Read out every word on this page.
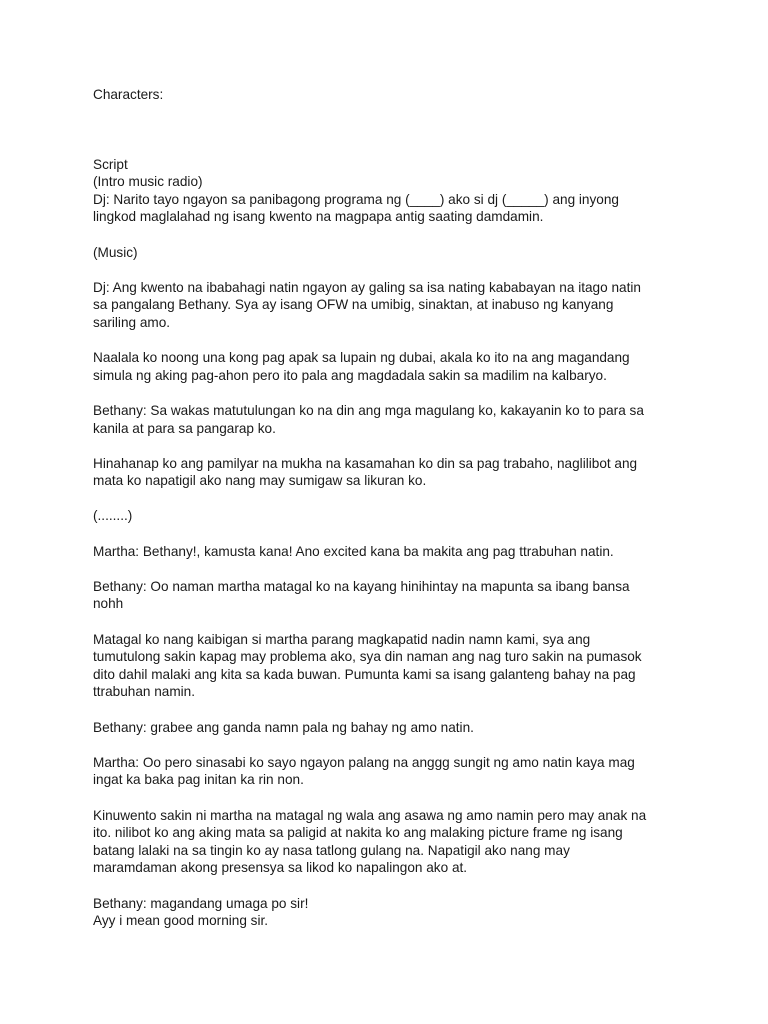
Characters:
Script
(Intro music radio)
Dj: Narito tayo ngayon sa panibagong programa ng (____) ako si dj (_____) ang inyong
lingkod maglalahad ng isang kwento na magpapa antig saating damdamin.
(Music)
Dj: Ang kwento na ibabahagi natin ngayon ay galing sa isa nating kababayan na itago natin
sa pangalang Bethany. Sya ay isang OFW na umibig, sinaktan, at inabuso ng kanyang
sariling amo.
Naalala ko noong una kong pag apak sa lupain ng dubai, akala ko ito na ang magandang
simula ng aking pag-ahon pero ito pala ang magdadala sakin sa madilim na kalbaryo.
Bethany: Sa wakas matutulungan ko na din ang mga magulang ko, kakayanin ko to para sa
kanila at para sa pangarap ko.
Hinahanap ko ang pamilyar na mukha na kasamahan ko din sa pag trabaho, naglilibot ang
mata ko napatigil ako nang may sumigaw sa likuran ko.
(........)
Martha: Bethany!, kamusta kana! Ano excited kana ba makita ang pag ttrabuhan natin.
Bethany: Oo naman martha matagal ko na kayang hinihintay na mapunta sa ibang bansa
nohh
Matagal ko nang kaibigan si martha parang magkapatid nadin namn kami, sya ang
tumutulong sakin kapag may problema ako, sya din naman ang nag turo sakin na pumasok
dito dahil malaki ang kita sa kada buwan. Pumunta kami sa isang galanteng bahay na pag
ttrabuhan namin.
Bethany: grabee ang ganda namn pala ng bahay ng amo natin.
Martha: Oo pero sinasabi ko sayo ngayon palang na anggg sungit ng amo natin kaya mag
ingat ka baka pag initan ka rin non.
Kinuwento sakin ni martha na matagal ng wala ang asawa ng amo namin pero may anak na
ito. nilibot ko ang aking mata sa paligid at nakita ko ang malaking picture frame ng isang
batang lalaki na sa tingin ko ay nasa tatlong gulang na. Napatigil ako nang may
maramdaman akong presensya sa likod ko napalingon ako at.
Bethany: magandang umaga po sir!
Ayy i mean good morning sir.
